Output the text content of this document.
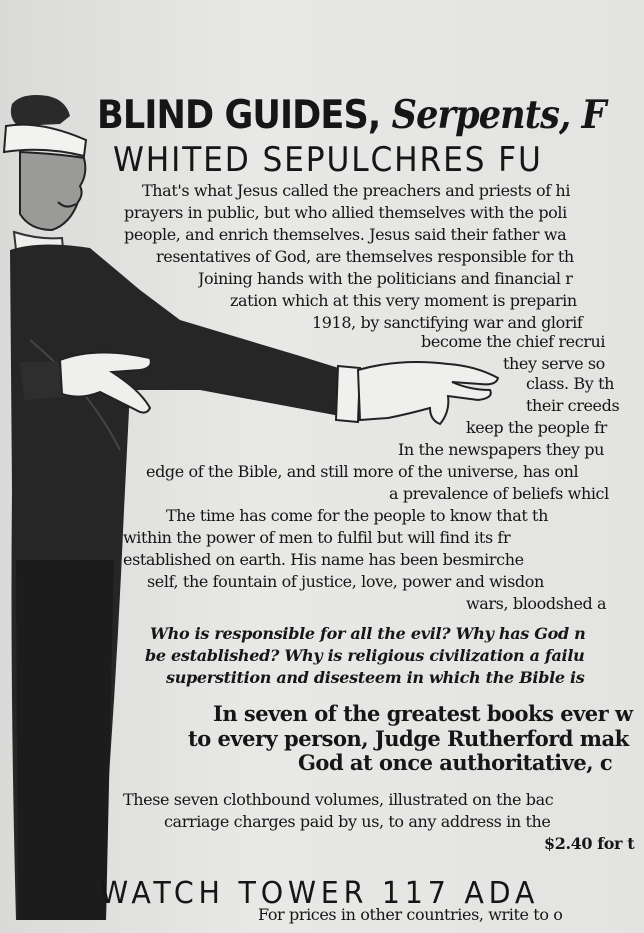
BLIND GUIDES, Serpents, F
WHITED SEPULCHRES FU
That's what Jesus called the preachers and priests of hi
prayers in public, but who allied themselves with the poli
people, and enrich themselves. Jesus said their father wa
resentatives of God, are themselves responsible for th
Joining hands with the politicians and financial r
zation which at this very moment is preparin
1918, by sanctifying war and glorif
become the chief recrui
they serve so
class. By th
their creeds
keep the people fr
In the newspapers they pu
edge of the Bible, and still more of the universe, has onl
a prevalence of beliefs whicl
The time has come for the people to know that th
within the power of men to fulfil but will find its fr
established on earth. His name has been besmirche
self, the fountain of justice, love, power and wisdon
wars, bloodshed a
Who is responsible for all the evil? Why has God n
be established? Why is religious civilization a failu
superstition and disesteem in which the Bible is
In seven of the greatest books ever w
to every person, Judge Rutherford mak
God at once authoritative, c
These seven clothbound volumes, illustrated on the bac
carriage charges paid by us, to any address in the
$2.40 for t
WATCH TOWER 117 ADA
For prices in other countries, write to o
